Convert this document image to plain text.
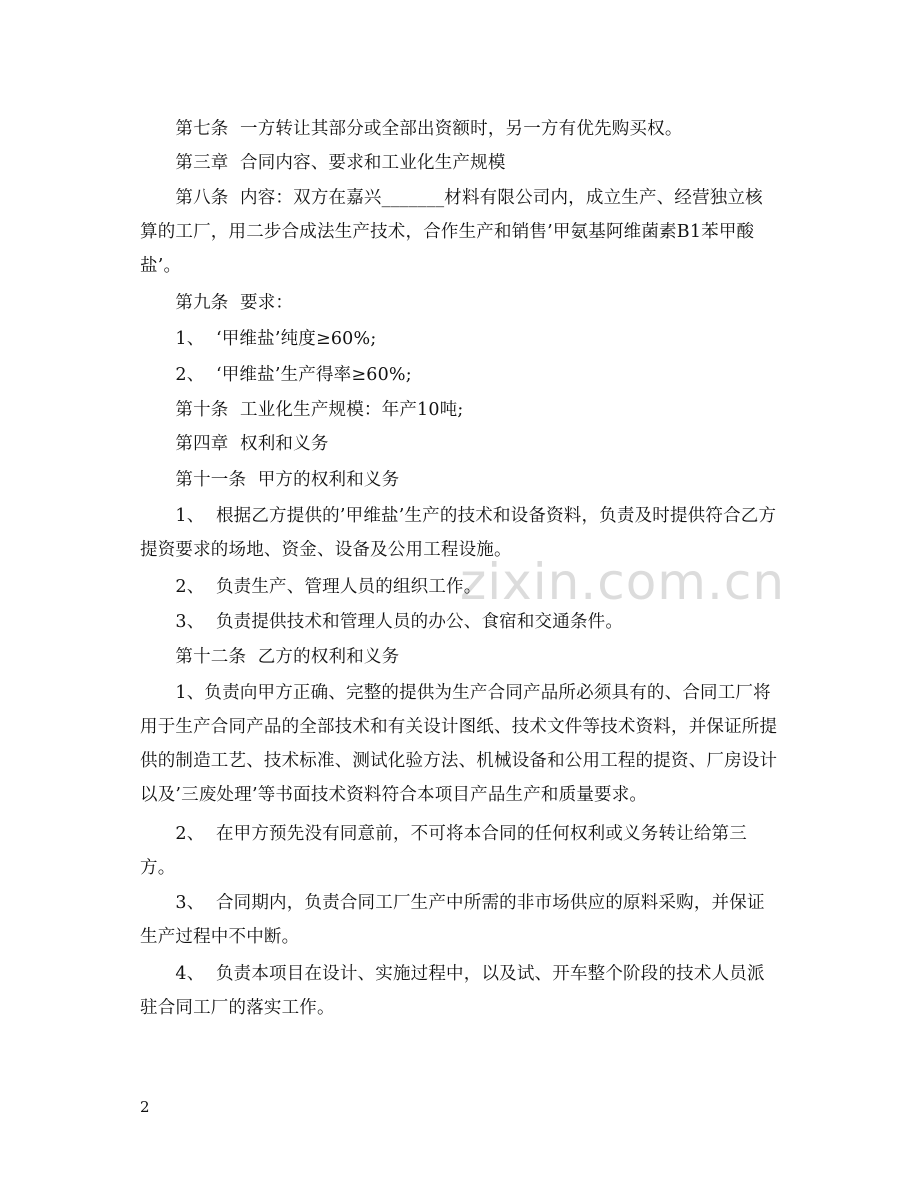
zixin.com.cn

　　第七条  一方转让其部分或全部出资额时，另一方有优先购买权。

　　第三章  合同内容、要求和工业化生产规模

　　第八条  内容：双方在嘉兴_______材料有限公司内，成立生产、经营独立核算的工厂，用二步合成法生产技术，合作生产和销售’甲氨基阿维菌素B1苯甲酸盐’。

　　第九条  要求：

　　1、  ‘甲维盐’纯度≥60%;

　　2、  ‘甲维盐’生产得率≥60%;

　　第十条  工业化生产规模：年产10吨;

　　第四章  权利和义务

　　第十一条  甲方的权利和义务

　　1、  根据乙方提供的’甲维盐’生产的技术和设备资料，负责及时提供符合乙方提资要求的场地、资金、设备及公用工程设施。

　　2、  负责生产、管理人员的组织工作。

　　3、  负责提供技术和管理人员的办公、食宿和交通条件。

　　第十二条  乙方的权利和义务

　　1、负责向甲方正确、完整的提供为生产合同产品所必须具有的、合同工厂将用于生产合同产品的全部技术和有关设计图纸、技术文件等技术资料，并保证所提供的制造工艺、技术标准、测试化验方法、机械设备和公用工程的提资、厂房设计以及’三废处理’等书面技术资料符合本项目产品生产和质量要求。

　　2、  在甲方预先没有同意前，不可将本合同的任何权利或义务转让给第三方。

　　3、  合同期内，负责合同工厂生产中所需的非市场供应的原料采购，并保证生产过程中不中断。

　　4、  负责本项目在设计、实施过程中，以及试、开车整个阶段的技术人员派驻合同工厂的落实工作。

2
